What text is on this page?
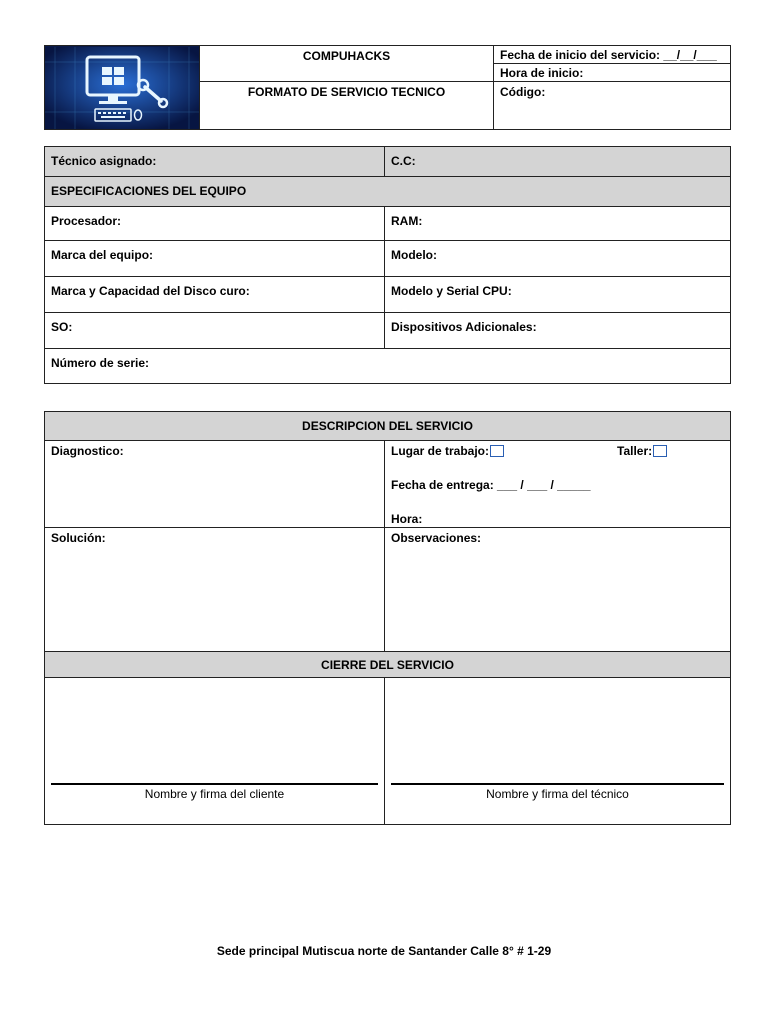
	COMPUHACKS	Fecha de inicio del servicio: __/__/___
		Hora de inicio:
	FORMATO DE SERVICIO TECNICO	Código:
Técnico asignado:	C.C:
ESPECIFICACIONES DEL EQUIPO	
Procesador:	RAM:
Marca del equipo:	Modelo:
Marca y Capacidad del Disco curo:	Modelo y Serial CPU:
SO:	Dispositivos Adicionales:
Número de serie:	
DESCRIPCION DEL SERVICIO	
Diagnostico:	Lugar de trabajo: Taller:
Fecha de entrega: ___ / ___ / _____
Hora:

Solución:	Observaciones:
CIERRE DEL SERVICIO	

Nombre y firma del cliente	Nombre y firma del técnico
Sede principal Mutiscua norte de Santander Calle 8° # 1-29
